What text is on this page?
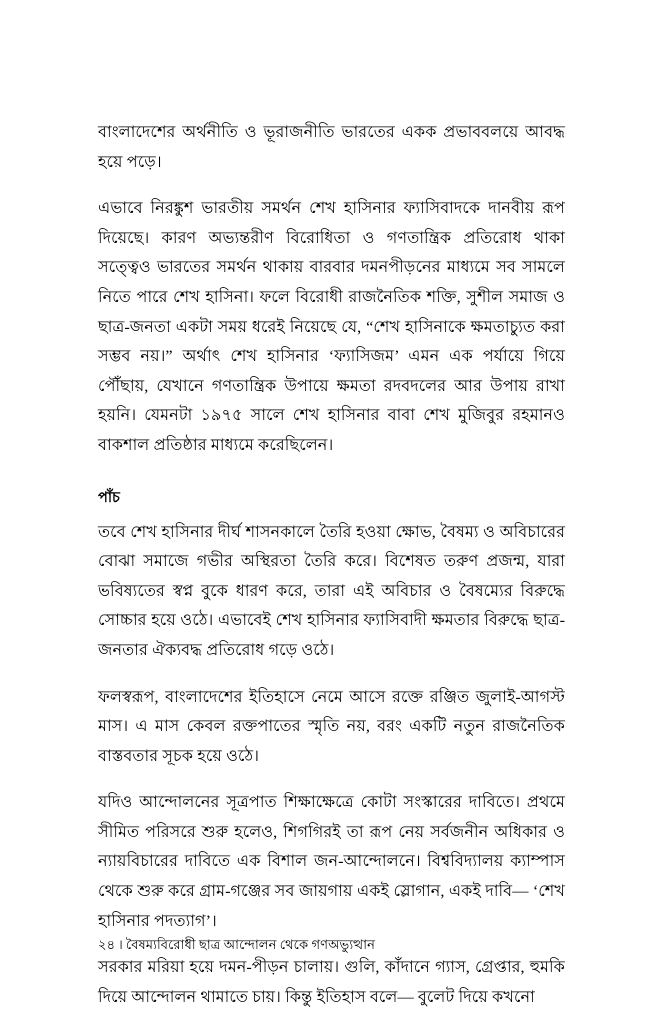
বাংলাদেশের অর্থনীতি ও ভূরাজনীতি ভারতের একক প্রভাববলয়ে আবদ্ধ হয়ে পড়ে।

এভাবে নিরঙ্কুশ ভারতীয় সমর্থন শেখ হাসিনার ফ্যাসিবাদকে দানবীয় রূপ দিয়েছে। কারণ অভ্যন্তরীণ বিরোধিতা ও গণতান্ত্রিক প্রতিরোধ থাকা সত্ত্বেও ভারতের সমর্থন থাকায় বারবার দমনপীড়নের মাধ্যমে সব সামলে নিতে পারে শেখ হাসিনা। ফলে বিরোধী রাজনৈতিক শক্তি, সুশীল সমাজ ও ছাত্র-জনতা একটা সময় ধরেই নিয়েছে যে, “শেখ হাসিনাকে ক্ষমতাচ্যুত করা সম্ভব নয়।” অর্থাৎ শেখ হাসিনার ‘ফ্যাসিজম’ এমন এক পর্যায়ে গিয়ে পৌঁছায়, যেখানে গণতান্ত্রিক উপায়ে ক্ষমতা রদবদলের আর উপায় রাখা হয়নি। যেমনটা ১৯৭৫ সালে শেখ হাসিনার বাবা শেখ মুজিবুর রহমানও বাকশাল প্রতিষ্ঠার মাধ্যমে করেছিলেন।

পাঁচ

তবে শেখ হাসিনার দীর্ঘ শাসনকালে তৈরি হওয়া ক্ষোভ, বৈষম্য ও অবিচারের বোঝা সমাজে গভীর অস্থিরতা তৈরি করে। বিশেষত তরুণ প্রজন্ম, যারা ভবিষ্যতের স্বপ্ন বুকে ধারণ করে, তারা এই অবিচার ও বৈষম্যের বিরুদ্ধে সোচ্চার হয়ে ওঠে। এভাবেই শেখ হাসিনার ফ্যাসিবাদী ক্ষমতার বিরুদ্ধে ছাত্র-জনতার ঐক্যবদ্ধ প্রতিরোধ গড়ে ওঠে।

ফলস্বরূপ, বাংলাদেশের ইতিহাসে নেমে আসে রক্তে রঞ্জিত জুলাই-আগস্ট মাস। এ মাস কেবল রক্তপাতের স্মৃতি নয়, বরং একটি নতুন রাজনৈতিক বাস্তবতার সূচক হয়ে ওঠে।

যদিও আন্দোলনের সূত্রপাত শিক্ষাক্ষেত্রে কোটা সংস্কারের দাবিতে। প্রথমে সীমিত পরিসরে শুরু হলেও, শিগগিরই তা রূপ নেয় সর্বজনীন অধিকার ও ন্যায়বিচারের দাবিতে এক বিশাল জন-আন্দোলনে। বিশ্ববিদ্যালয় ক্যাম্পাস থেকে শুরু করে গ্রাম-গঞ্জের সব জায়গায় একই স্লোগান, একই দাবি— ‘শেখ হাসিনার পদত্যাগ’।

সরকার মরিয়া হয়ে দমন-পীড়ন চালায়। গুলি, কাঁদানে গ্যাস, গ্রেপ্তার, হুমকি দিয়ে আন্দোলন থামাতে চায়। কিন্তু ইতিহাস বলে— বুলেট দিয়ে কখনো

২৪ । বৈষম্যবিরোধী ছাত্র আন্দোলন থেকে গণঅভ্যুত্থান
